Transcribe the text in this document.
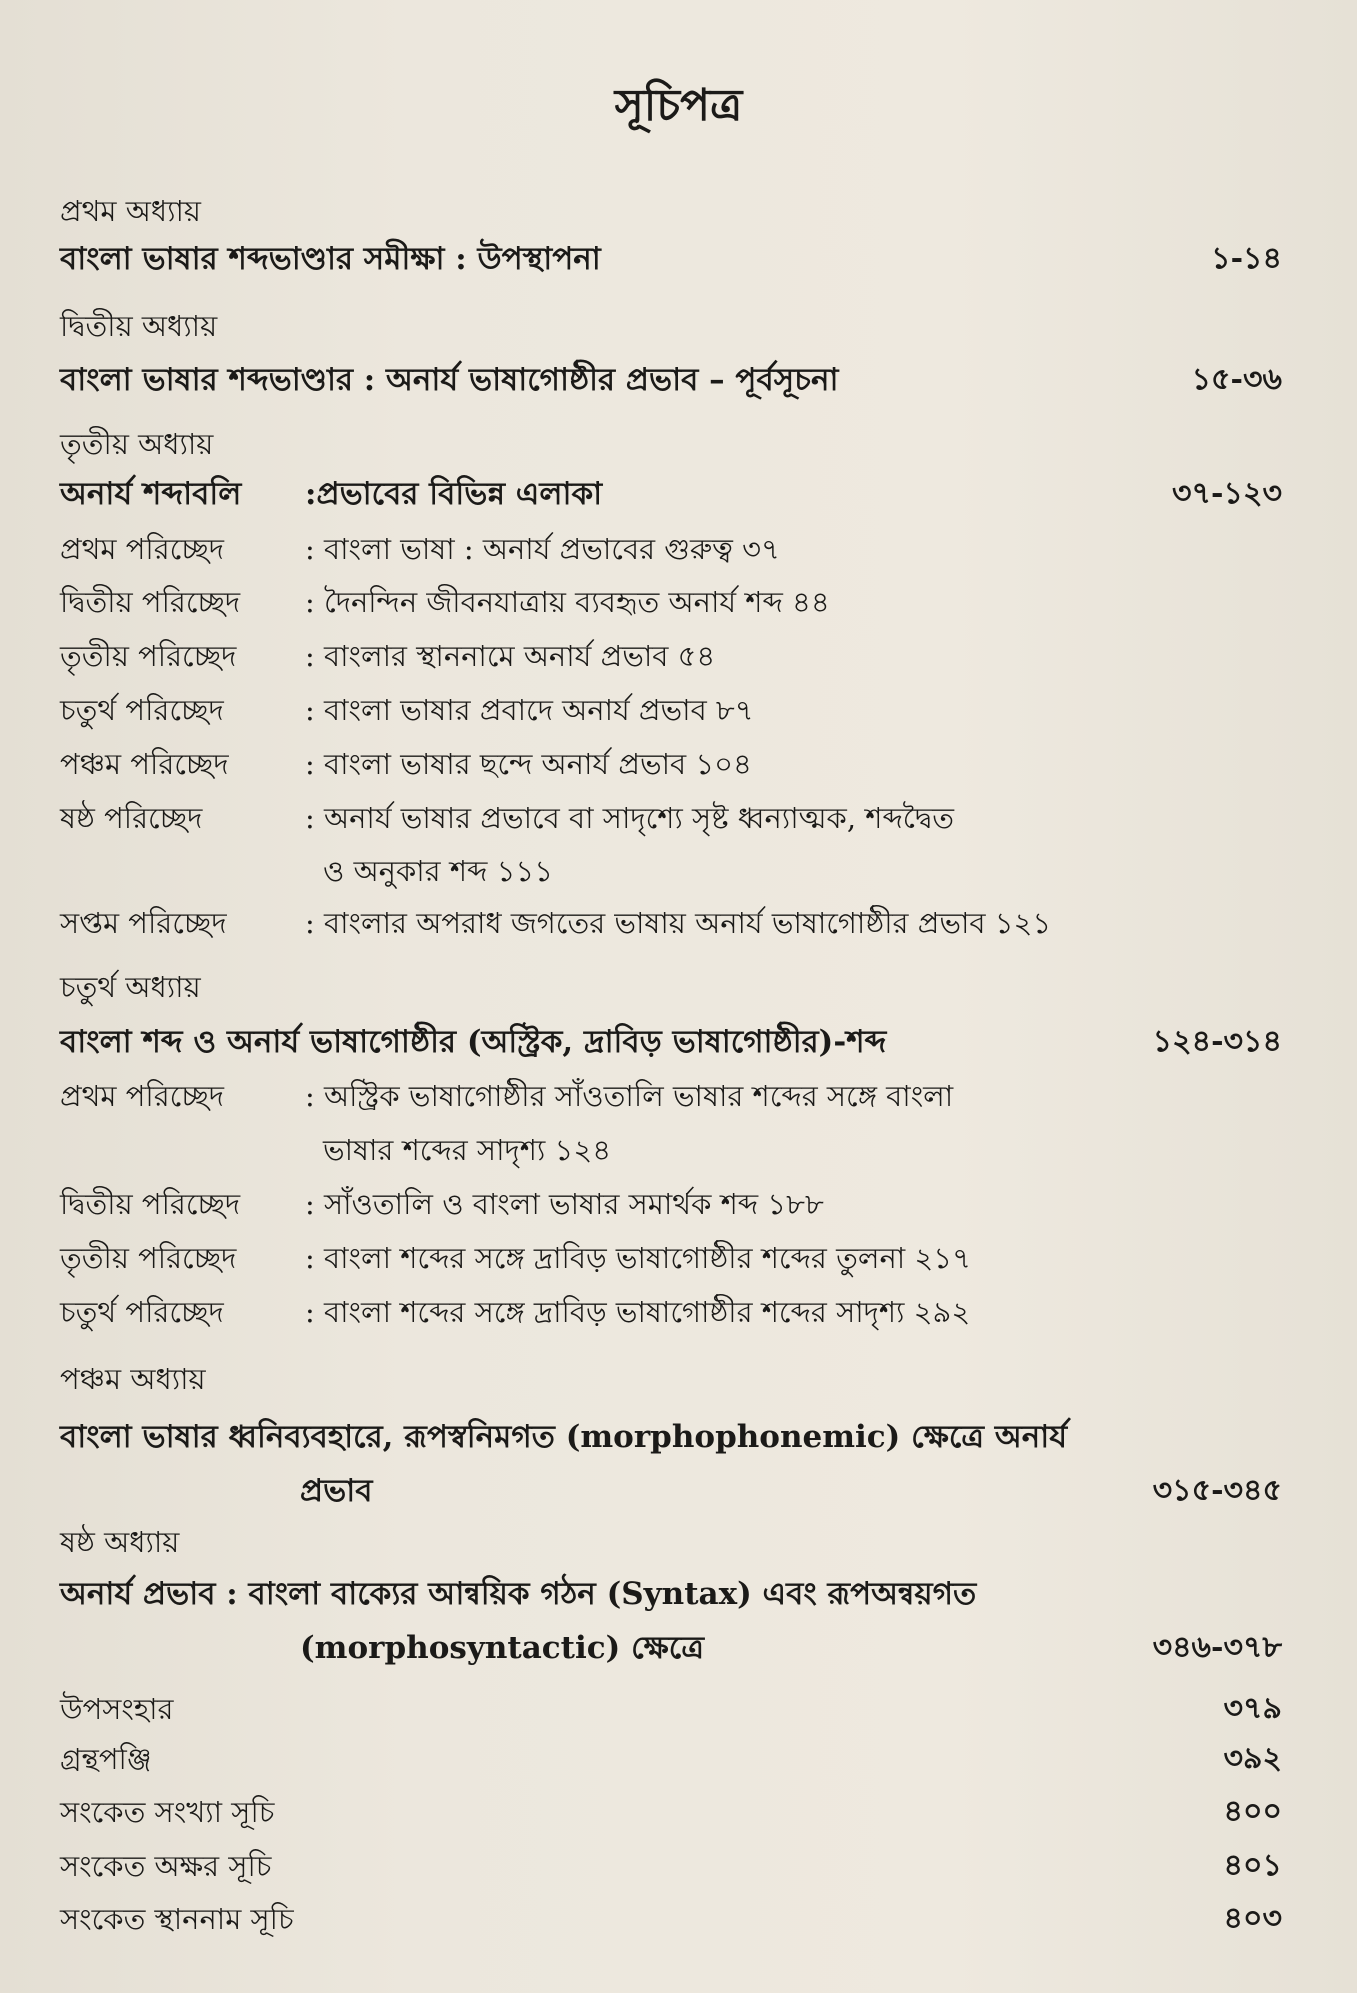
সূচিপত্র
প্রথম অধ্যায়
বাংলা ভাষার শব্দভাণ্ডার সমীক্ষা : উপস্থাপনা	১-১৪
দ্বিতীয় অধ্যায়
বাংলা ভাষার শব্দভাণ্ডার : অনার্য ভাষাগোষ্ঠীর প্রভাব – পূর্বসূচনা	১৫-৩৬
তৃতীয় অধ্যায়
অনার্য শব্দাবলি :প্রভাবের বিভিন্ন এলাকা	৩৭-১২৩
প্রথম পরিচ্ছেদ	: বাংলা ভাষা : অনার্য প্রভাবের গুরুত্ব ৩৭
দ্বিতীয় পরিচ্ছেদ : দৈনন্দিন জীবনযাত্রায় ব্যবহৃত অনার্য শব্দ ৪৪
তৃতীয় পরিচ্ছেদ : বাংলার স্থাননামে অনার্য প্রভাব ৫৪
চতুর্থ পরিচ্ছেদ	: বাংলা ভাষার প্রবাদে অনার্য প্রভাব ৮৭
পঞ্চম পরিচ্ছেদ	: বাংলা ভাষার ছন্দে অনার্য প্রভাব ১০৪
ষষ্ঠ পরিচ্ছেদ	: অনার্য ভাষার প্রভাবে বা সাদৃশ্যে সৃষ্ট ধ্বন্যাত্মক, শব্দদ্বৈত
ও অনুকার শব্দ ১১১
সপ্তম পরিচ্ছেদ	: বাংলার অপরাধ জগতের ভাষায় অনার্য ভাষাগোষ্ঠীর প্রভাব ১২১
চতুর্থ অধ্যায়
বাংলা শব্দ ও অনার্য ভাষাগোষ্ঠীর (অস্ট্রিক, দ্রাবিড় ভাষাগোষ্ঠীর)-শব্দ	১২৪-৩১৪
প্রথম পরিচ্ছেদ	: অস্ট্রিক ভাষাগোষ্ঠীর সাঁওতালি ভাষার শব্দের সঙ্গে বাংলা
ভাষার শব্দের সাদৃশ্য ১২৪
দ্বিতীয় পরিচ্ছেদ : সাঁওতালি ও বাংলা ভাষার সমার্থক শব্দ ১৮৮
তৃতীয় পরিচ্ছেদ : বাংলা শব্দের সঙ্গে দ্রাবিড় ভাষাগোষ্ঠীর শব্দের তুলনা ২১৭
চতুর্থ পরিচ্ছেদ	: বাংলা শব্দের সঙ্গে দ্রাবিড় ভাষাগোষ্ঠীর শব্দের সাদৃশ্য ২৯২
পঞ্চম অধ্যায়
বাংলা ভাষার ধ্বনিব্যবহারে, রূপস্বনিমগত (morphophonemic) ক্ষেত্রে অনার্য
প্রভাব	৩১৫-৩৪৫
ষষ্ঠ অধ্যায়
অনার্য প্রভাব : বাংলা বাক্যের আন্বয়িক গঠন (Syntax) এবং রূপঅন্বয়গত
(morphosyntactic) ক্ষেত্রে	৩৪৬-৩৭৮
উপসংহার	৩৭৯
গ্রন্থপঞ্জি	৩৯২
সংকেত সংখ্যা সূচি	৪০০
সংকেত অক্ষর সূচি	৪০১
সংকেত স্থাননাম সূচি	৪০৩
